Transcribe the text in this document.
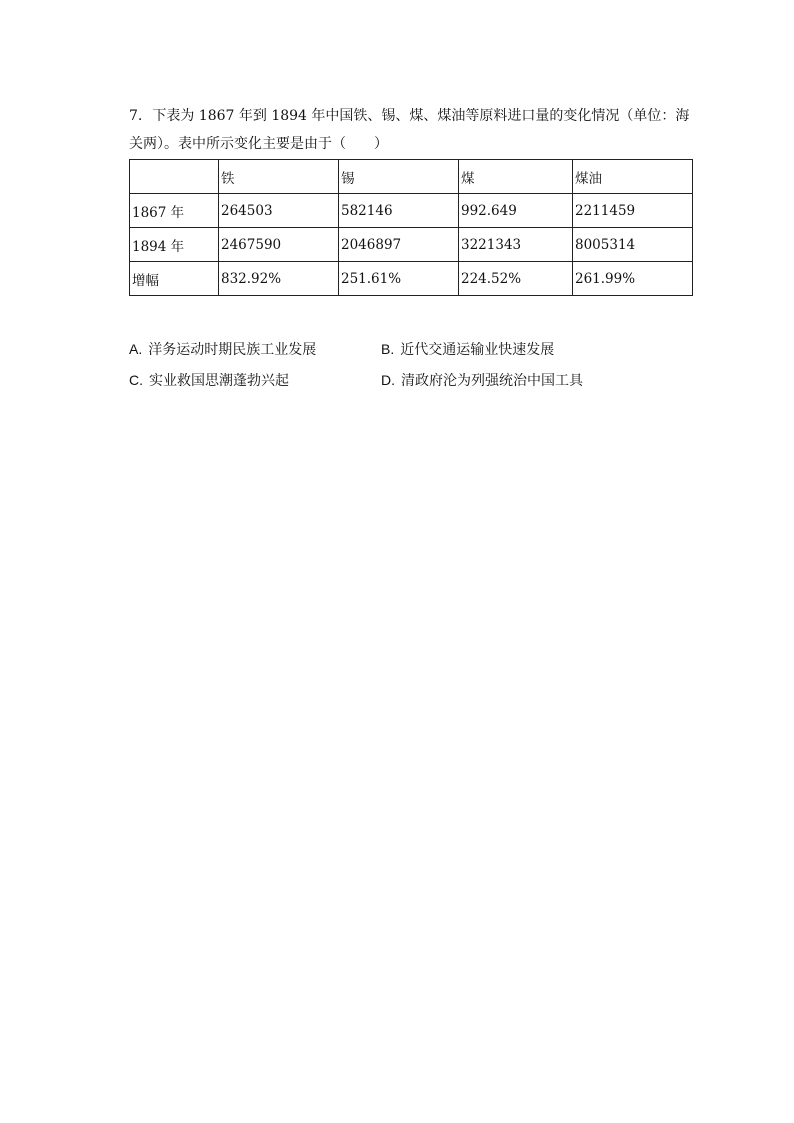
7. 下表为 1867 年到 1894 年中国铁、锡、煤、煤油等原料进口量的变化情况（单位：海关两）。表中所示变化主要是由于（　　）
	铁	锡	煤	煤油
1867 年	264503	582146	992.649	2211459
1894 年	2467590	2046897	3221343	8005314
增幅	832.92%	251.61%	224.52%	261.99%
A. 洋务运动时期民族工业发展	B. 近代交通运输业快速发展
C. 实业救国思潮蓬勃兴起	D. 清政府沦为列强统治中国工具
